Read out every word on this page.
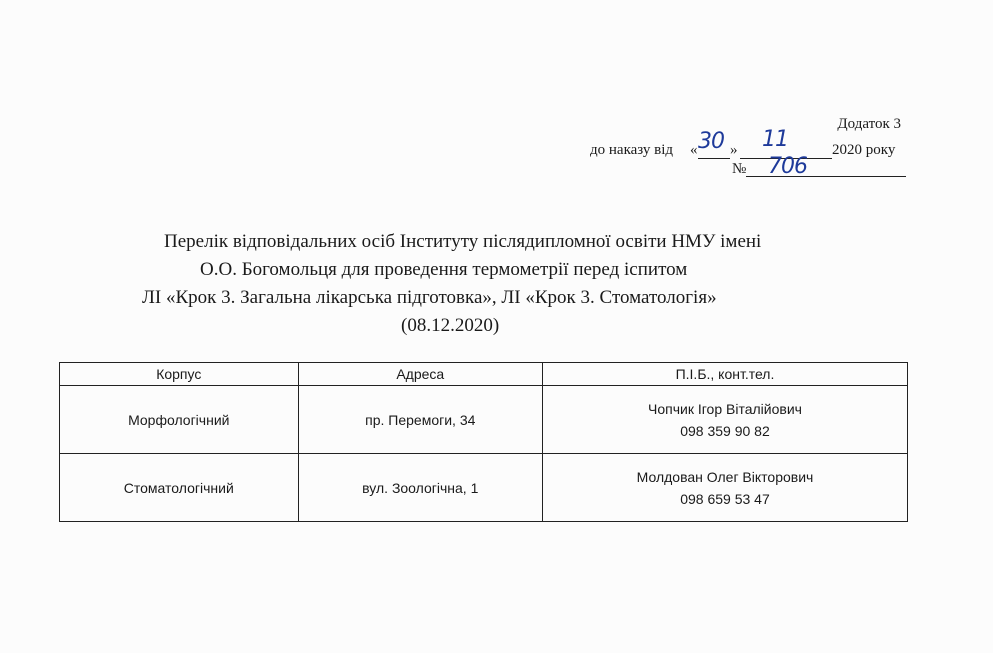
Додаток 3
до наказу від « 30 » 11	2020 року
№ 706
Перелік відповідальних осіб Інституту післядипломної освіти НМУ імені
О.О. Богомольця для проведення термометрії перед іспитом
ЛІ «Крок 3. Загальна лікарська підготовка», ЛІ «Крок 3. Стоматологія»
(08.12.2020)
Корпус	Адреса	П.І.Б., конт.тел.
Морфологічний	пр. Перемоги, 34	Чопчик Ігор Віталійович
098 359 90 82

Стоматологічний	вул. Зоологічна, 1	Молдован Олег Вікторович
098 659 53 47
